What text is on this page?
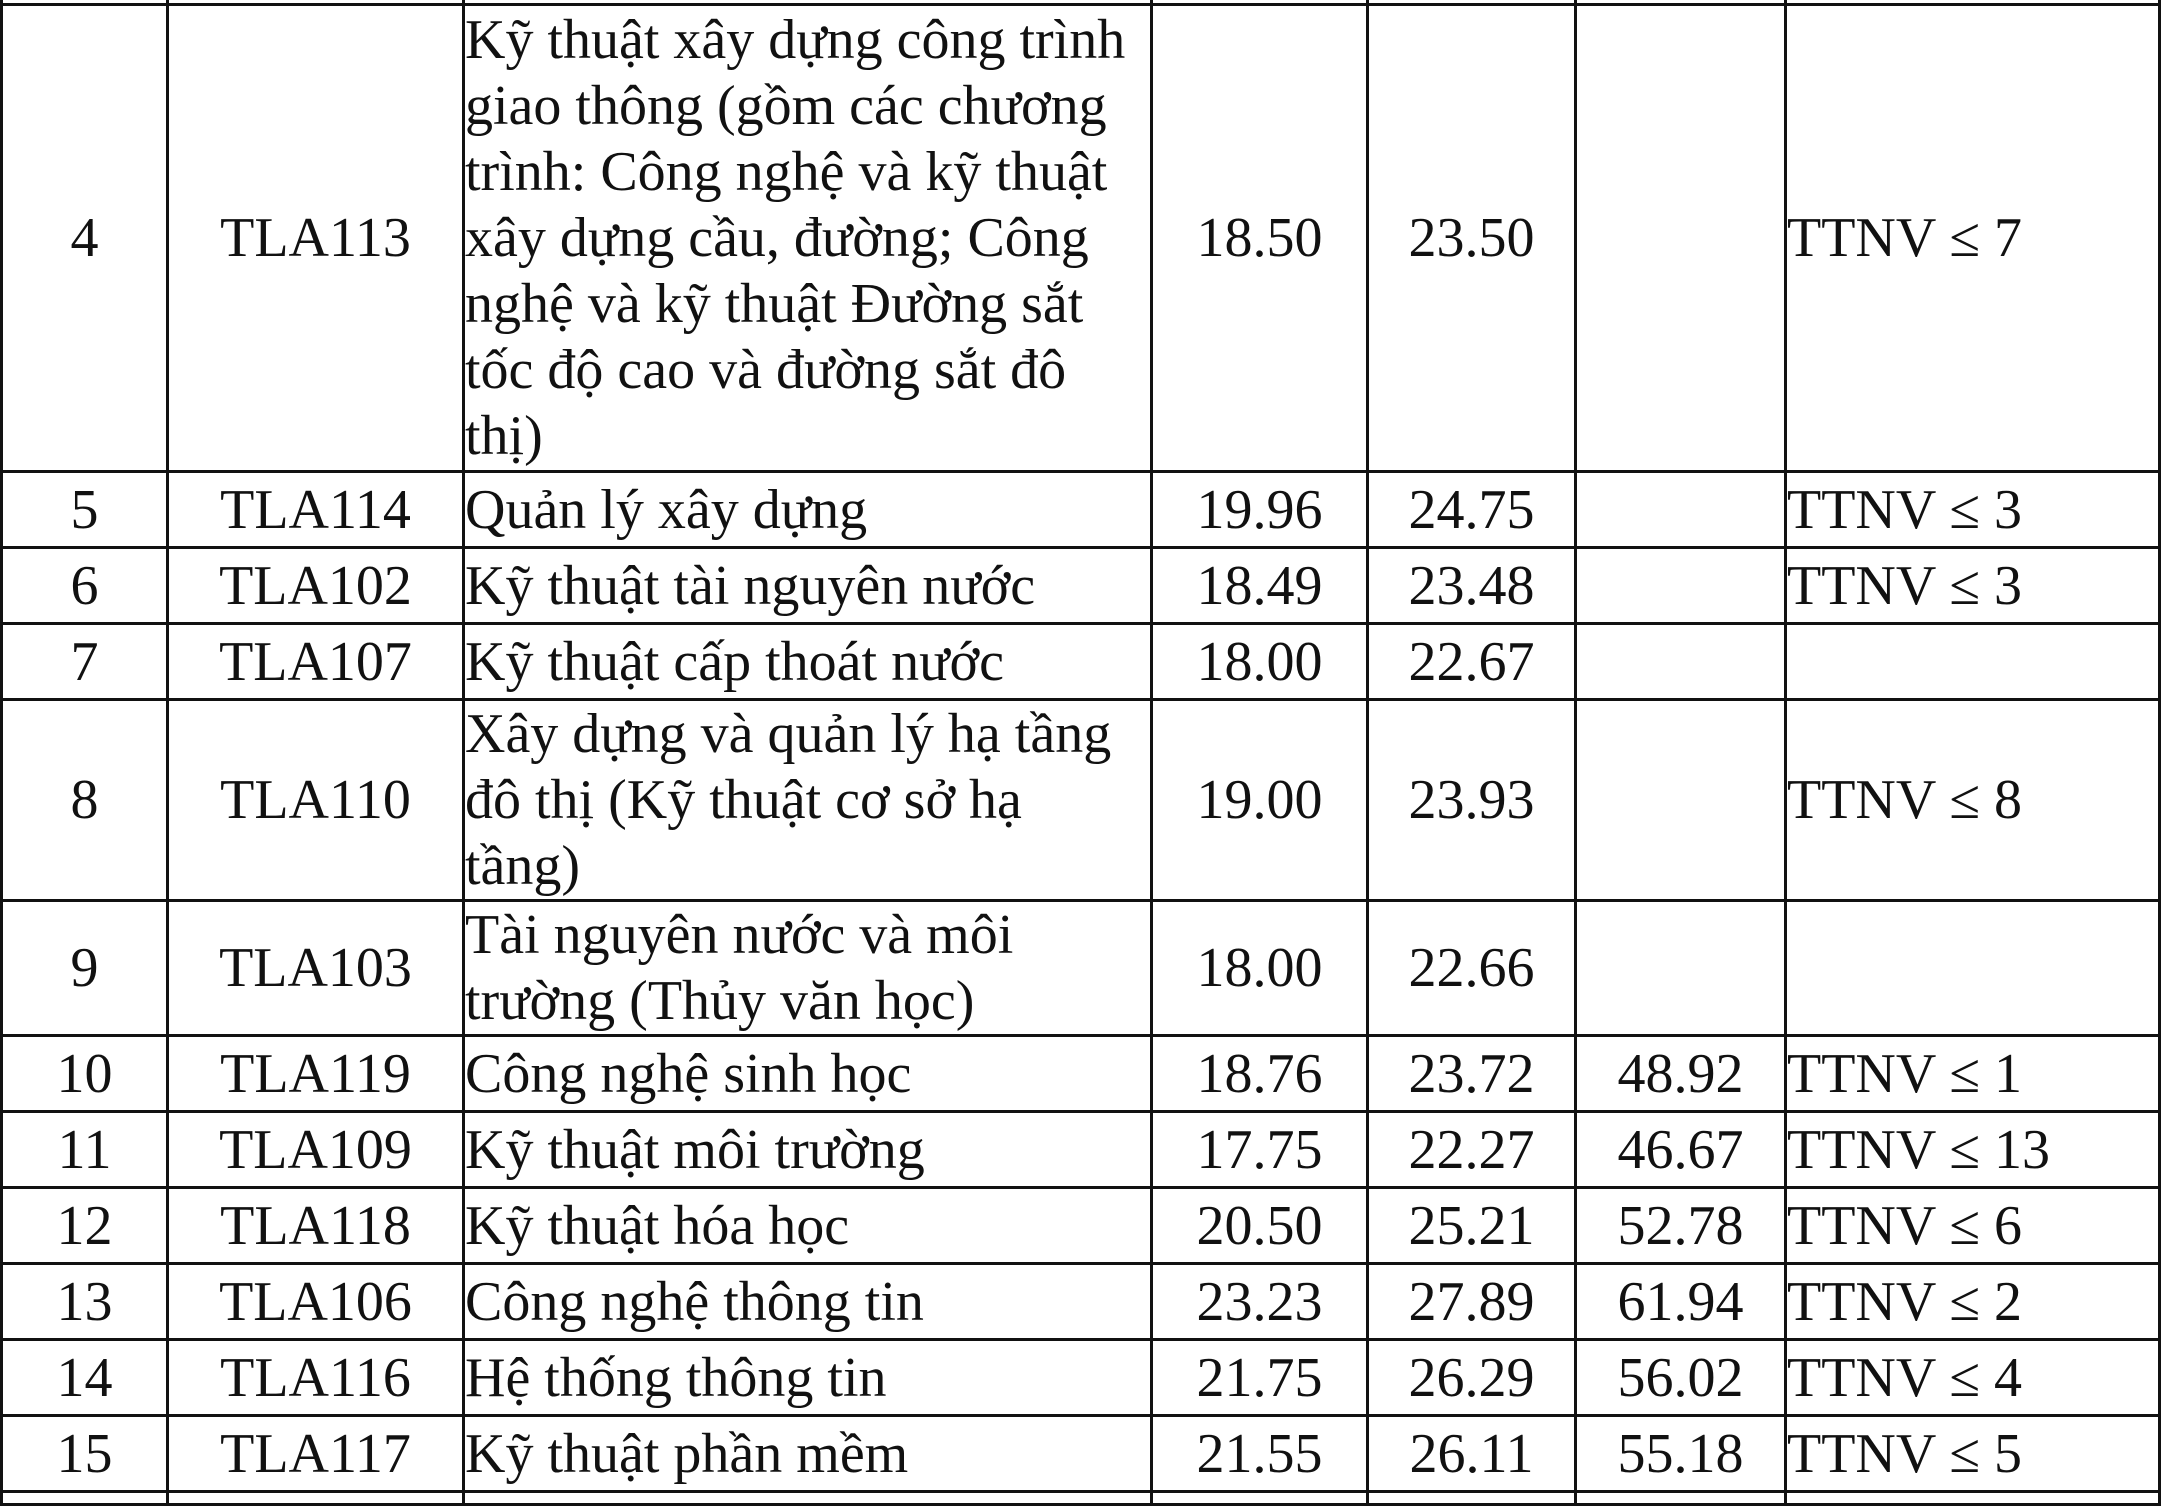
4	TLA113	Kỹ thuật xây dựng công trình giao thông (gồm các chương trình: Công nghệ và kỹ thuật xây dựng cầu, đường; Công nghệ và kỹ thuật Đường sắt tốc độ cao và đường sắt đô thị)	18.50	23.50		TTNV ≤ 7
5	TLA114	Quản lý xây dựng	19.96	24.75		TTNV ≤ 3
6	TLA102	Kỹ thuật tài nguyên nước	18.49	23.48		TTNV ≤ 3
7	TLA107	Kỹ thuật cấp thoát nước	18.00	22.67		
8	TLA110	Xây dựng và quản lý hạ tầng đô thị (Kỹ thuật cơ sở hạ tầng)	19.00	23.93		TTNV ≤ 8
9	TLA103	Tài nguyên nước và môi trường (Thủy văn học)	18.00	22.66		
10	TLA119	Công nghệ sinh học	18.76	23.72	48.92	TTNV ≤ 1
11	TLA109	Kỹ thuật môi trường	17.75	22.27	46.67	TTNV ≤ 13
12	TLA118	Kỹ thuật hóa học	20.50	25.21	52.78	TTNV ≤ 6
13	TLA106	Công nghệ thông tin	23.23	27.89	61.94	TTNV ≤ 2
14	TLA116	Hệ thống thông tin	21.75	26.29	56.02	TTNV ≤ 4
15	TLA117	Kỹ thuật phần mềm	21.55	26.11	55.18	TTNV ≤ 5
